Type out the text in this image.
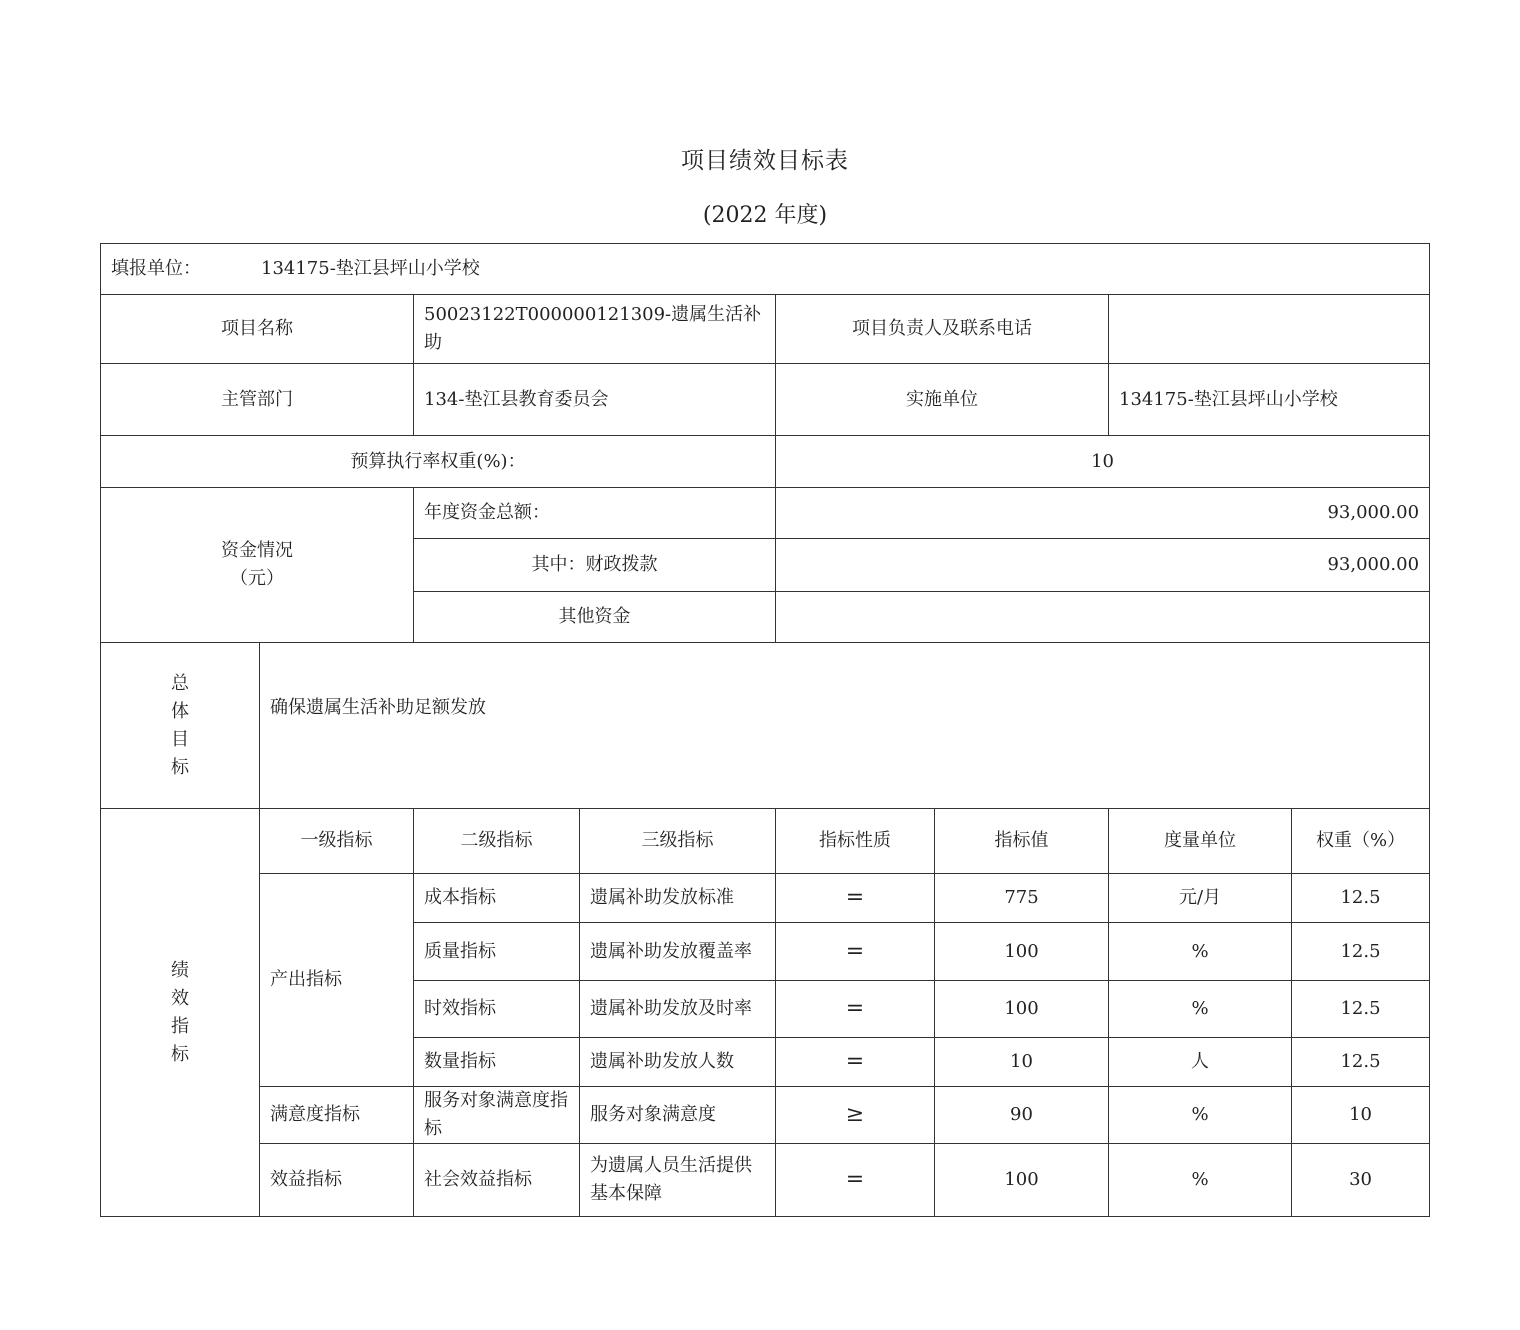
项目绩效目标表
(2022 年度)
填报单位： 134175-垫江县坪山小学校							
项目名称		50023122T000000121309-遗属生活补助		项目负责人及联系电话			
主管部门		134-垫江县教育委员会		实施单位		134175-垫江县坪山小学校	
预算执行率权重(%)：				10			

资金情况
（元）		年度资金总额：		93,000.00			
		其中：财政拨款		93,000.00			
		其他资金					

总
体
目
标	确保遗属生活补助足额发放						

绩
效
指
标	一级指标	二级指标	三级指标	指标性质	指标值	度量单位	权重（%）
	产出指标	成本指标	遗属补助发放标准	=	775	元/月	12.5
		质量指标	遗属补助发放覆盖率	=	100	%	12.5
		时效指标	遗属补助发放及时率	=	100	%	12.5
		数量指标	遗属补助发放人数	=	10	人	12.5
	满意度指标	服务对象满意度指标	服务对象满意度	≥	90	%	10
	效益指标	社会效益指标	为遗属人员生活提供基本保障	=	100	%	30
